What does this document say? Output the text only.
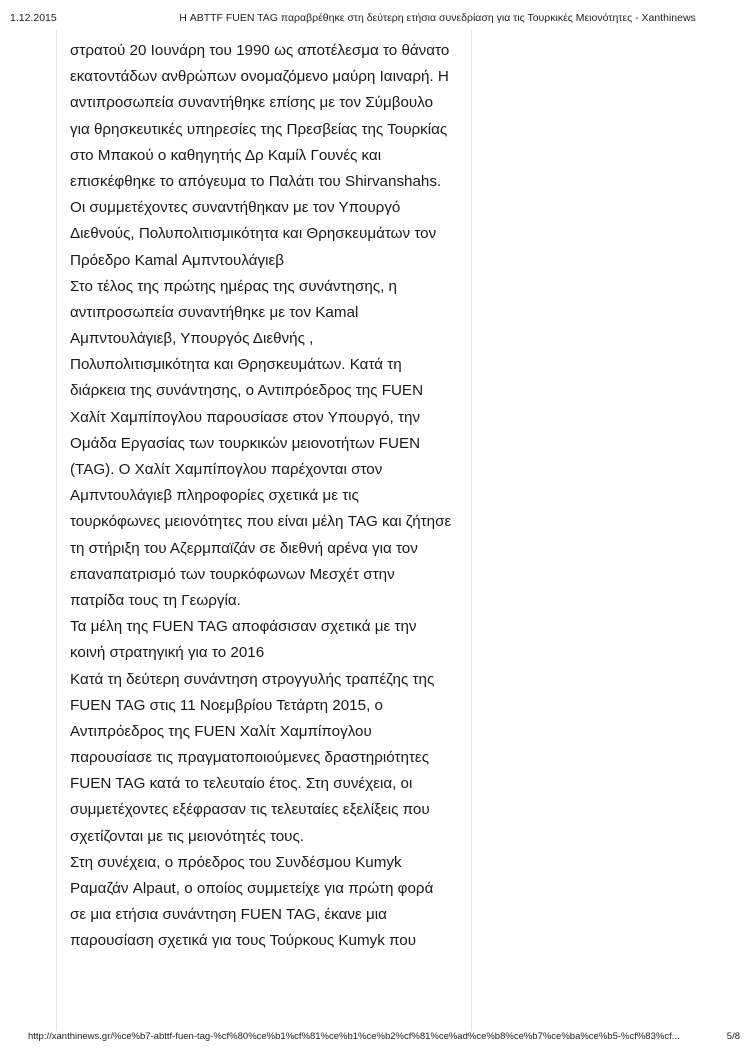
1.12.2015	Η ABTTF FUEN TAG παραβρέθηκε στη δεύτερη ετήσια συνεδρίαση για τις Τουρκικές Μειονότητες - Xanthinews
στρατού 20 Ιουνάρη του 1990 ως αποτέλεσμα το θάνατο
εκατοντάδων ανθρώπων ονομαζόμενο μαύρη Ιαιναρή. Η
αντιπροσωπεία συναντήθηκε επίσης με τον Σύμβουλο
για θρησκευτικές υπηρεσίες της Πρεσβείας της Τουρκίας
στο Μπακού ο καθηγητής Δρ Καμίλ Γουνές και
επισκέφθηκε το απόγευμα το Παλάτι του Shirvanshahs.
Οι συμμετέχοντες συναντήθηκαν με τον Υπουργό
Διεθνούς, Πολυπολιτισμικότητα και Θρησκευμάτων τον
Πρόεδρο Kamal Αμπντουλάγιεβ
Στο τέλος της πρώτης ημέρας της συνάντησης, η
αντιπροσωπεία συναντήθηκε με τον Kamal
Αμπντουλάγιεβ, Υπουργός Διεθνής ,
Πολυπολιτισμικότητα και Θρησκευμάτων. Κατά τη
διάρκεια της συνάντησης, ο Αντιπρόεδρος της FUEN
Χαλίτ Χαμπίπογλου παρουσίασε στον Υπουργό, την
Ομάδα Εργασίας των τουρκικών μειονοτήτων FUEN
(TAG). Ο Χαλίτ Χαμπίπογλου παρέχονται στον
Αμπντουλάγιεβ πληροφορίες σχετικά με τις
τουρκόφωνες μειονότητες που είναι μέλη TAG και ζήτησε
τη στήριξη του Αζερμπαϊζάν σε διεθνή αρένα για τον
επαναπατρισμό των τουρκόφωνων Μεσχέτ στην
πατρίδα τους τη Γεωργία.
Τα μέλη της FUEN TAG αποφάσισαν σχετικά με την
κοινή στρατηγική για το 2016
Κατά τη δεύτερη συνάντηση στρογγυλής τραπέζης της
FUEN TAG στις 11 Νοεμβρίου Τετάρτη 2015, ο
Αντιπρόεδρος της FUEN Χαλίτ Χαμπίπογλου
παρουσίασε τις πραγματοποιούμενες δραστηριότητες
FUEN TAG κατά το τελευταίο έτος. Στη συνέχεια, οι
συμμετέχοντες εξέφρασαν τις τελευταίες εξελίξεις που
σχετίζονται με τις μειονότητές τους.
Στη συνέχεια, ο πρόεδρος του Συνδέσμου Kumyk
Ραμαζάν Alpaut, ο οποίος συμμετείχε για πρώτη φορά
σε μια ετήσια συνάντηση FUEN TAG, έκανε μια
παρουσίαση σχετικά για τους Τούρκους Kumyk που
http://xanthinews.gr/%ce%b7-abttf-fuen-tag-%cf%80%ce%b1%cf%81%ce%b1%ce%b2%cf%81%ce%ad%ce%b8%ce%b7%ce%ba%ce%b5-%cf%83%cf...	5/8
